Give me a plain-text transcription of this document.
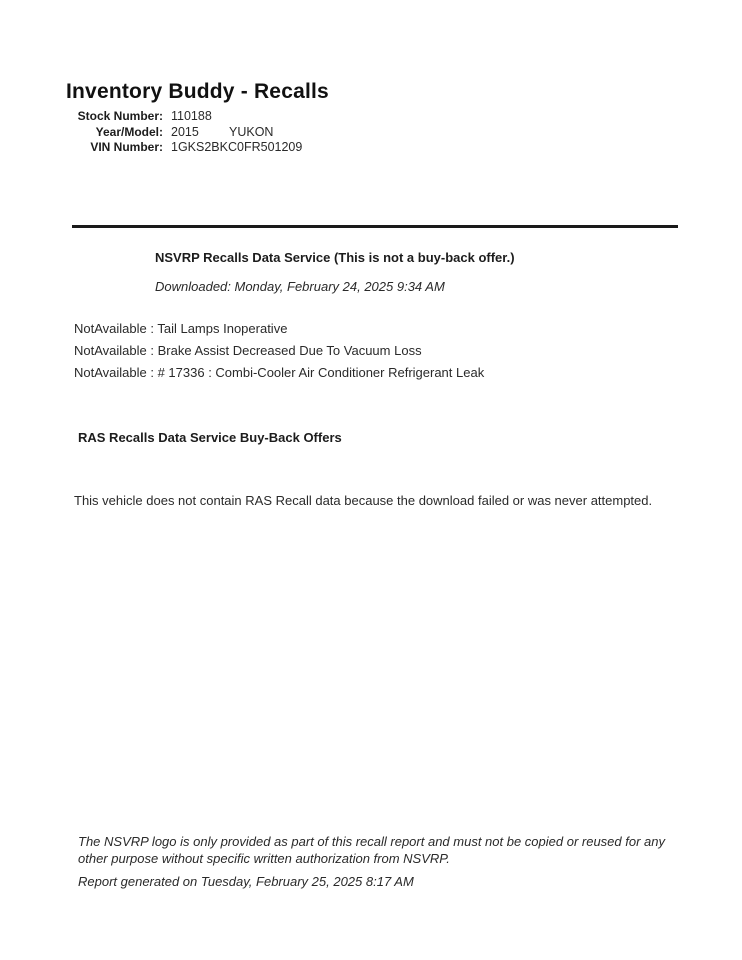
Inventory Buddy - Recalls
Stock Number: 110188
Year/Model: 2015	YUKON
VIN Number: 1GKS2BKC0FR501209
NSVRP Recalls Data Service (This is not a buy-back offer.)
Downloaded: Monday, February 24, 2025 9:34 AM
NotAvailable : Tail Lamps Inoperative
NotAvailable : Brake Assist Decreased Due To Vacuum Loss
NotAvailable : # 17336 : Combi-Cooler Air Conditioner Refrigerant Leak
RAS Recalls Data Service Buy-Back Offers
This vehicle does not contain RAS Recall data because the download failed or was never attempted.
The NSVRP logo is only provided as part of this recall report and must not be copied or reused for any other purpose without specific written authorization from NSVRP.
Report generated on Tuesday, February 25, 2025 8:17 AM
